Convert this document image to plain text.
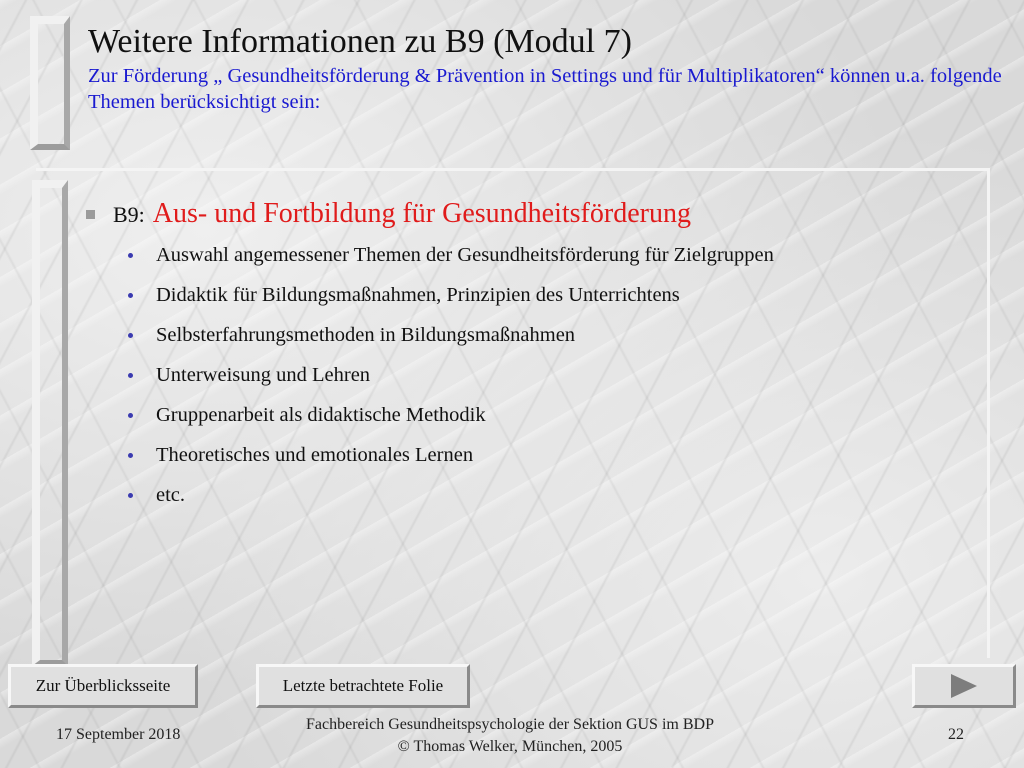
Weitere Informationen zu B9 (Modul 7)
Zur Förderung „ Gesundheitsförderung & Prävention in Settings und für Multiplikatoren“ können u.a. folgende Themen berücksichtigt sein:
B9: Aus- und Fortbildung für Gesundheitsförderung
Auswahl angemessener Themen der Gesundheitsförderung für Zielgruppen
Didaktik für Bildungsmaßnahmen, Prinzipien des Unterrichtens
Selbsterfahrungsmethoden in Bildungsmaßnahmen
Unterweisung und Lehren
Gruppenarbeit als didaktische Methodik
Theoretisches und emotionales Lernen
etc.
Zur Überblicksseite	Letzte betrachtete Folie
17 September 2018
Fachbereich Gesundheitspsychologie der Sektion GUS im BDP
© Thomas Welker, München, 2005
22
